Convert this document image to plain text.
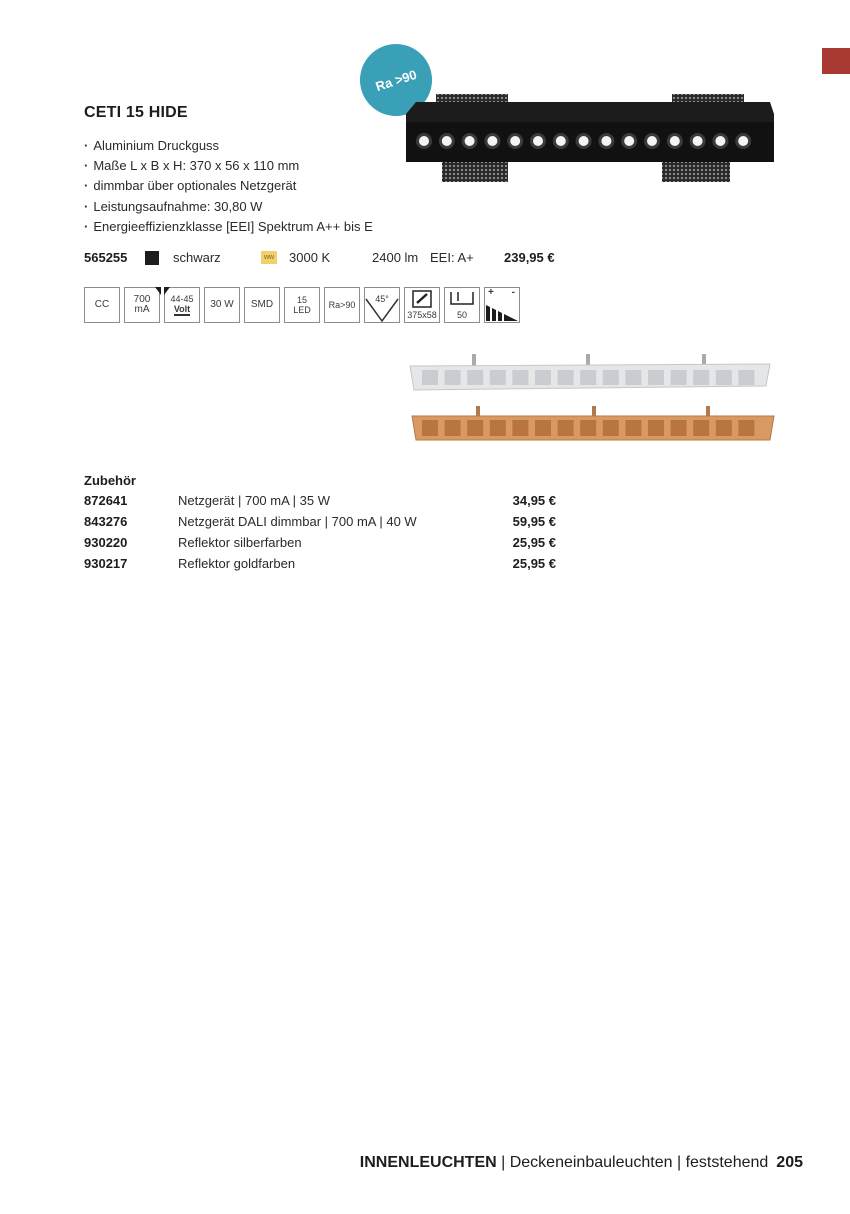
Ra >90
CETI 15 HIDE
· Aluminium Druckguss
· Maße L x B x H: 370 x 56 x 110 mm
· dimmbar über optionales Netzgerät
· Leistungsaufnahme: 30,80 W
· Energieeffizienzklasse [EEI] Spektrum A++ bis E
565255	schwarz	ww 3000 K	2400 lm EEI: A+ 239,95 €
CC	700 mA
44-45
Volt 30 W SMD	15
LED Ra>90
45°
375x58 50
+ -
Zubehör
872641	Netzgerät | 700 mA | 35 W	34,95 €
843276	Netzgerät DALI dimmbar | 700 mA | 40 W	59,95 €
930220	Reflektor silberfarben	25,95 €
930217	Reflektor goldfarben	25,95 €
INNENLEUCHTEN | Deckeneinbauleuchten | feststehend 205
